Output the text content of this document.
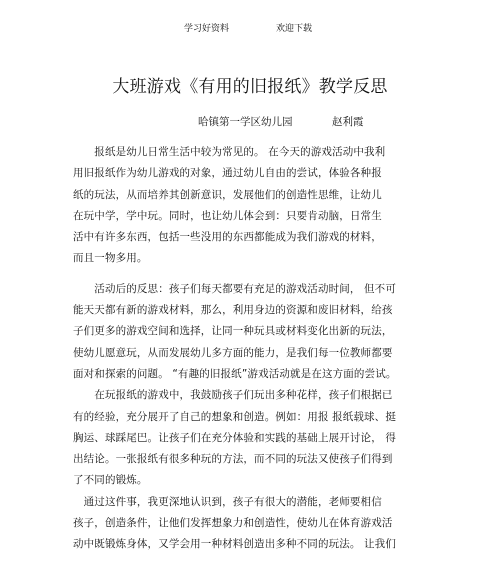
学习好资料	欢迎下载
大班游戏《有用的旧报纸》教学反思
哈镇第一学区幼儿园	赵利霞
　　报纸是幼儿日常生活中较为常见的。 在今天的游戏活动中我利
用旧报纸作为幼儿游戏的对象，通过幼儿自由的尝试，体验各种报
纸的玩法，从而培养其创新意识，发展他们的创造性思维，让幼儿
在玩中学，学中玩。同时，也让幼儿体会到：只要肯动脑，日常生
活中有许多东西，包括一些没用的东西都能成为我们游戏的材料，
而且一物多用。
　　活动后的反思：孩子们每天都要有充足的游戏活动时间， 但不可
能天天都有新的游戏材料，那么，利用身边的资源和废旧材料，给孩
子们更多的游戏空间和选择，让同一种玩具或材料变化出新的玩法，
使幼儿愿意玩，从而发展幼儿多方面的能力，是我们每一位教师都要
面对和探索的问题。 “有趣的旧报纸”游戏活动就是在这方面的尝试。
　　在玩报纸的游戏中，我鼓励孩子们玩出多种花样，孩子们根据已
有的经验，充分展开了自己的想象和创造。例如：用报 报纸载球、挺
胸运、球踩尾巴。让孩子们在充分体验和实践的基础上展开讨论， 得
出结论。一张报纸有很多种玩的方法，而不同的玩法又使孩子们得到
了不同的锻炼。
　通过这件事，我更深地认识到，孩子有很大的潜能，老师要相信
孩子，创造条件，让他们发挥想象力和创造性，使幼儿在体育游戏活
动中既锻炼身体，又学会用一种材料创造出多种不同的玩法。 让我们
